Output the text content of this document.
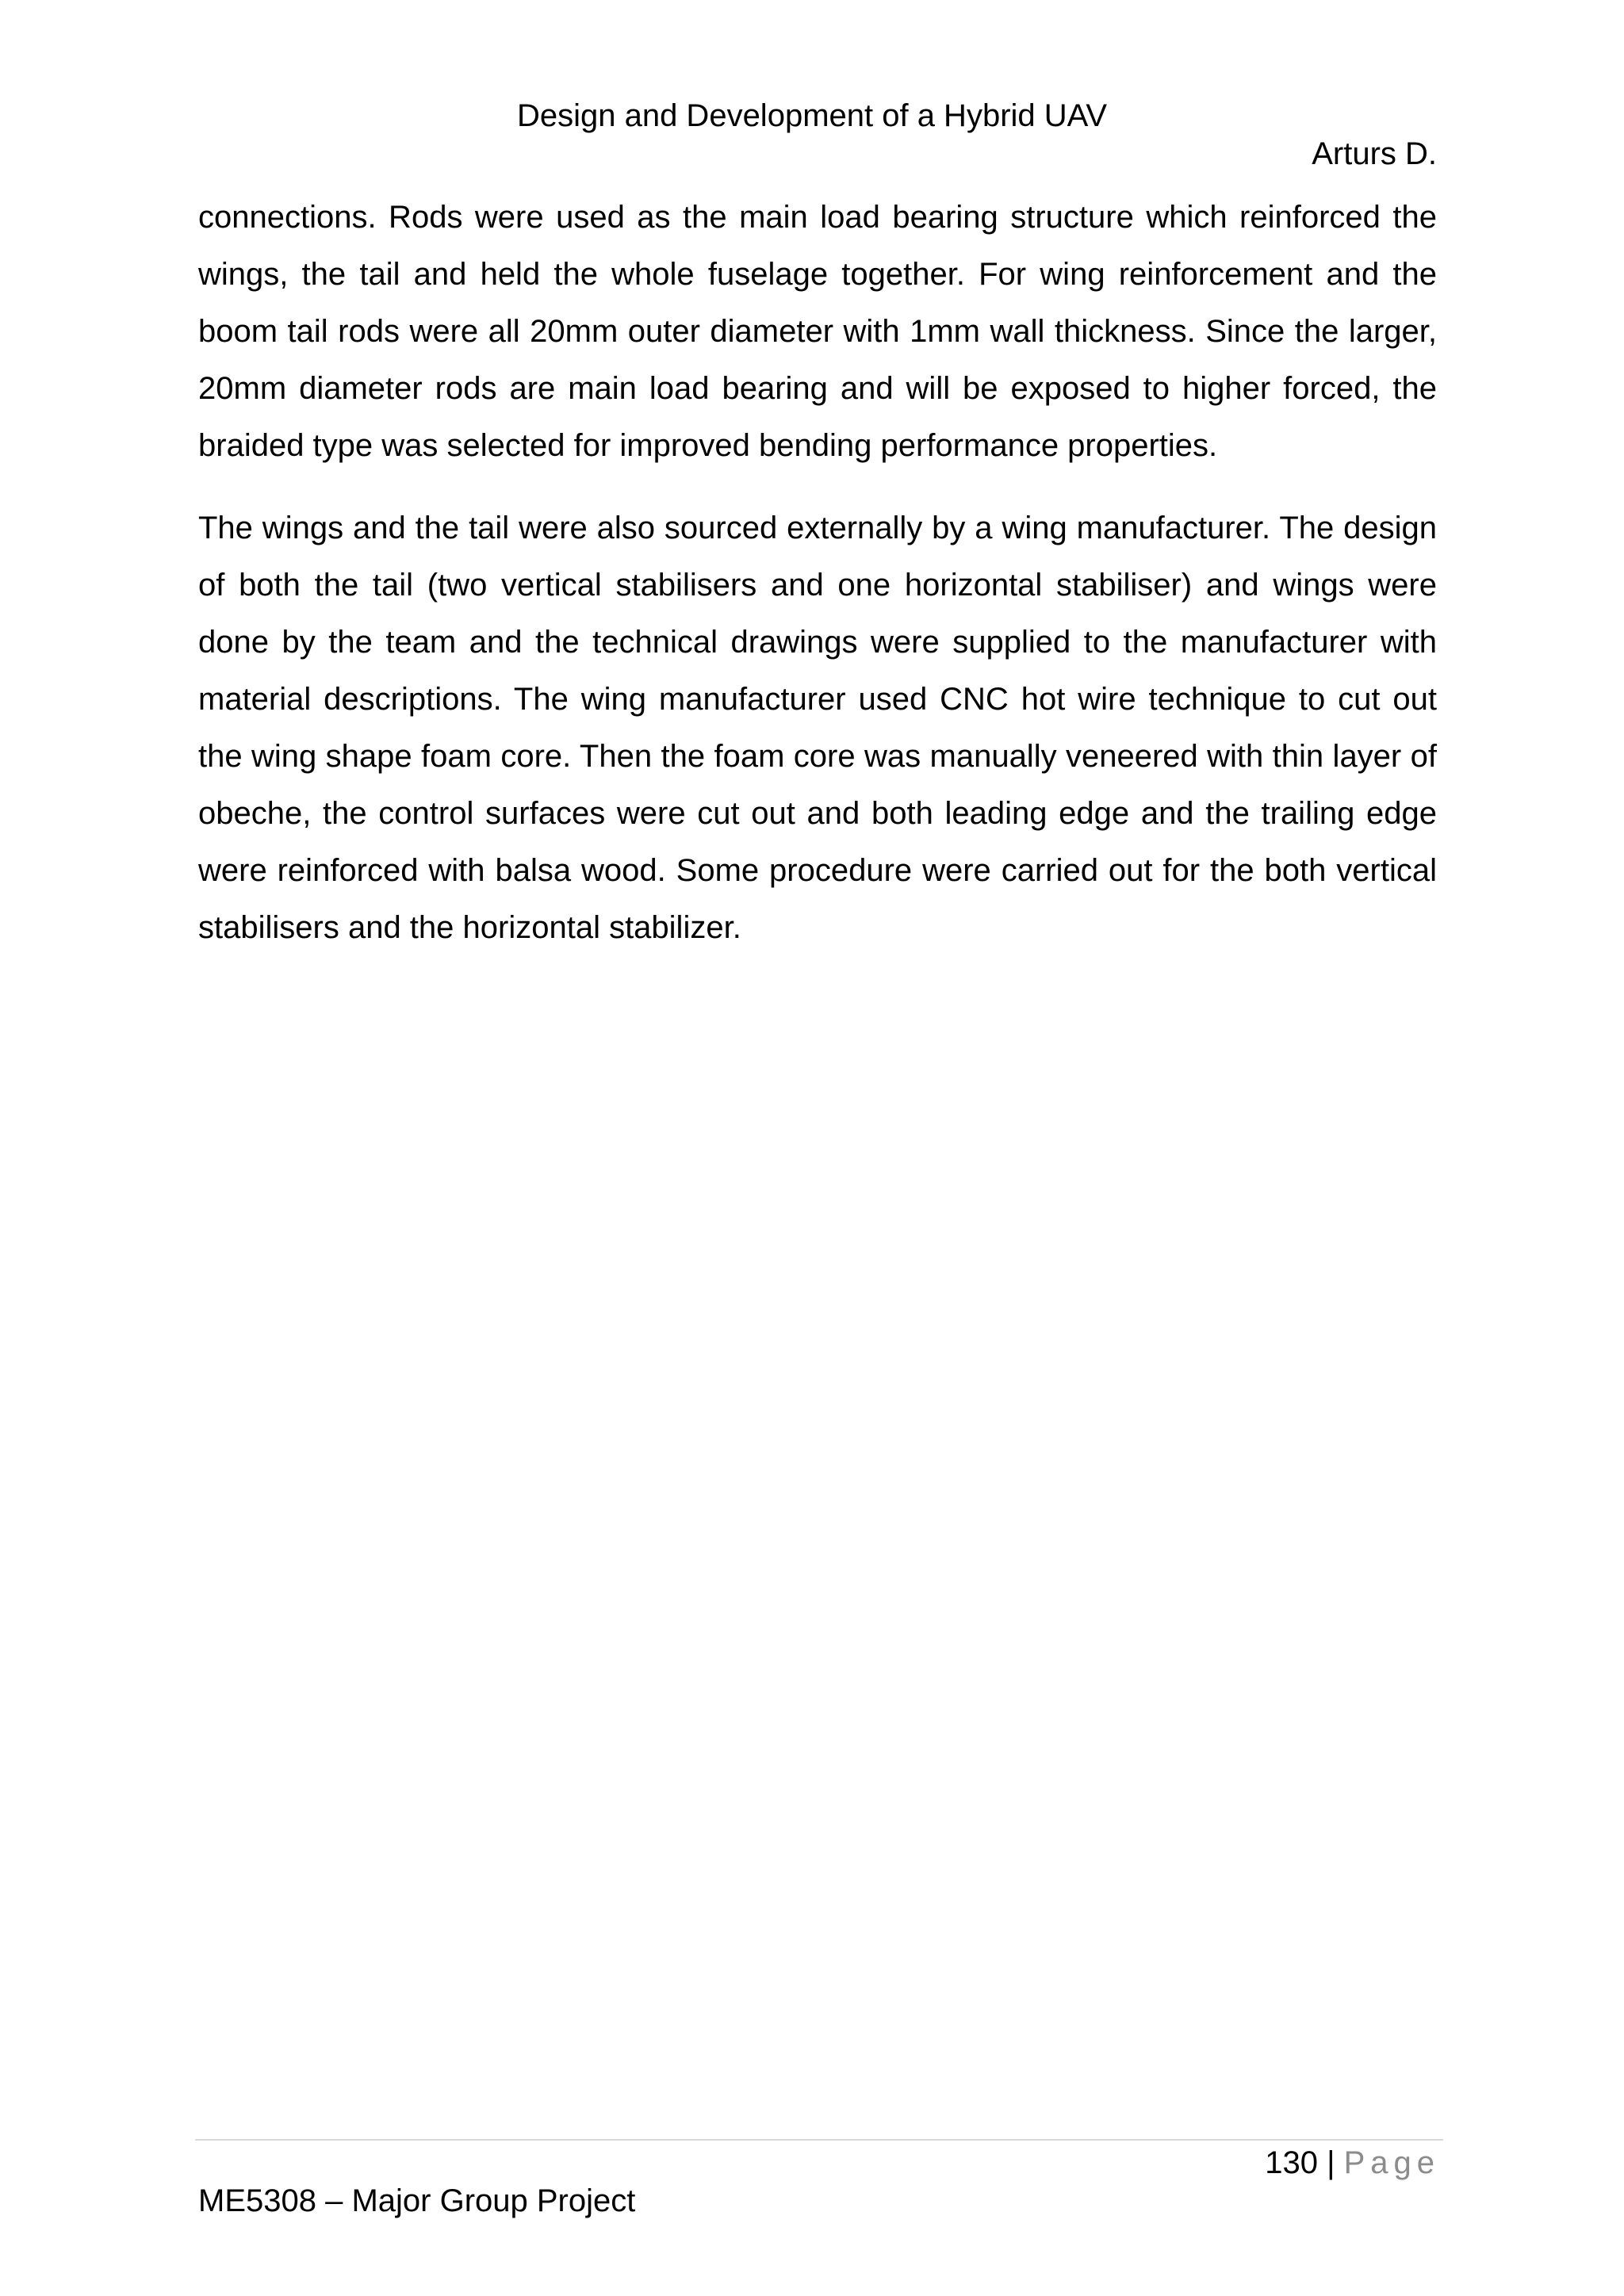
Design and Development of a Hybrid UAV
Arturs D.

connections. Rods were used as the main load bearing structure which reinforced the wings, the tail and held the whole fuselage together. For wing reinforcement and the boom tail rods were all 20mm outer diameter with 1mm wall thickness. Since the larger, 20mm diameter rods are main load bearing and will be exposed to higher forced, the braided type was selected for improved bending performance properties.

The wings and the tail were also sourced externally by a wing manufacturer. The design of both the tail (two vertical stabilisers and one horizontal stabiliser) and wings were done by the team and the technical drawings were supplied to the manufacturer with material descriptions. The wing manufacturer used CNC hot wire technique to cut out the wing shape foam core. Then the foam core was manually veneered with thin layer of obeche, the control surfaces were cut out and both leading edge and the trailing edge were reinforced with balsa wood. Some procedure were carried out for the both vertical stabilisers and the horizontal stabilizer.

130 | Page
ME5308 – Major Group Project
